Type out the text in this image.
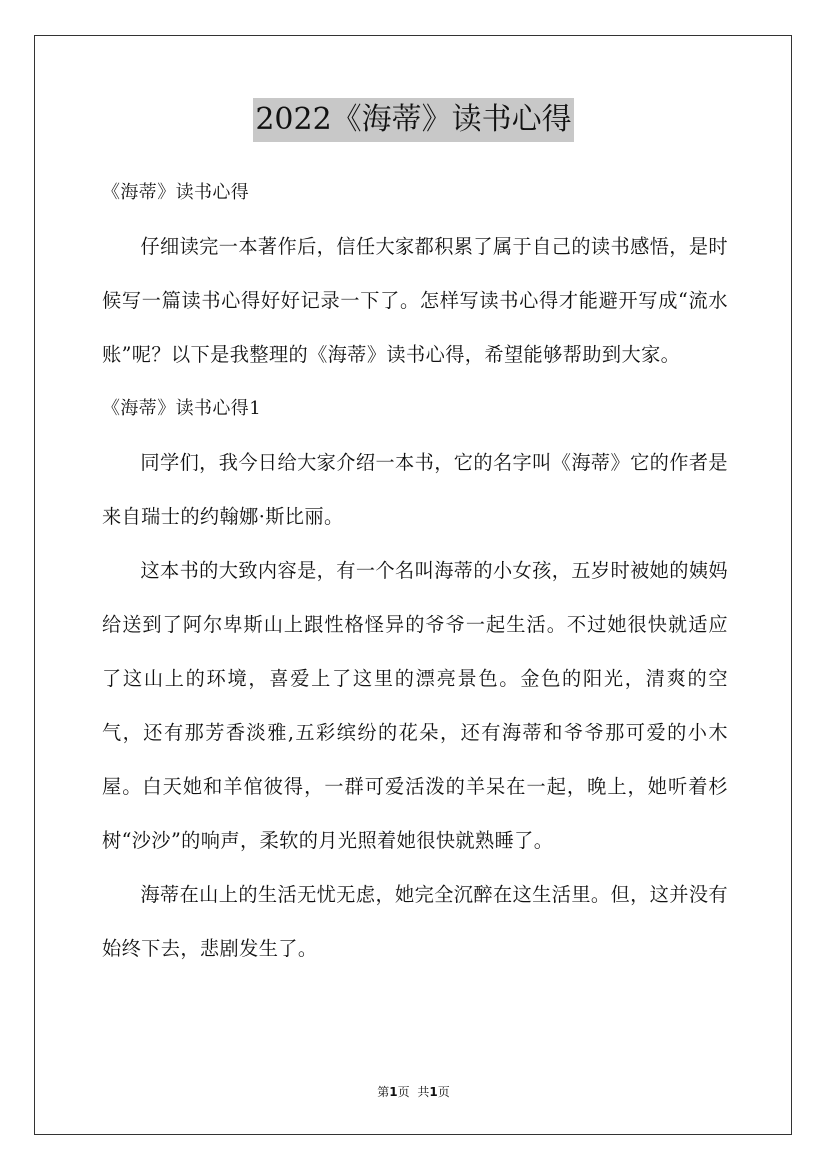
2022《海蒂》读书心得

《海蒂》读书心得

仔细读完一本著作后，信任大家都积累了属于自己的读书感悟，是时候写一篇读书心得好好记录一下了。怎样写读书心得才能避开写成“流水账”呢？以下是我整理的《海蒂》读书心得，希望能够帮助到大家。

《海蒂》读书心得1

同学们，我今日给大家介绍一本书，它的名字叫《海蒂》它的作者是来自瑞士的约翰娜·斯比丽。

这本书的大致内容是，有一个名叫海蒂的小女孩，五岁时被她的姨妈给送到了阿尔卑斯山上跟性格怪异的爷爷一起生活。不过她很快就适应了这山上的环境，喜爱上了这里的漂亮景色。金色的阳光，清爽的空气，还有那芳香淡雅,五彩缤纷的花朵，还有海蒂和爷爷那可爱的小木屋。白天她和羊倌彼得，一群可爱活泼的羊呆在一起，晚上，她听着杉树“沙沙”的响声，柔软的月光照着她很快就熟睡了。

海蒂在山上的生活无忧无虑，她完全沉醉在这生活里。但，这并没有始终下去，悲剧发生了。

第1页 共1页
